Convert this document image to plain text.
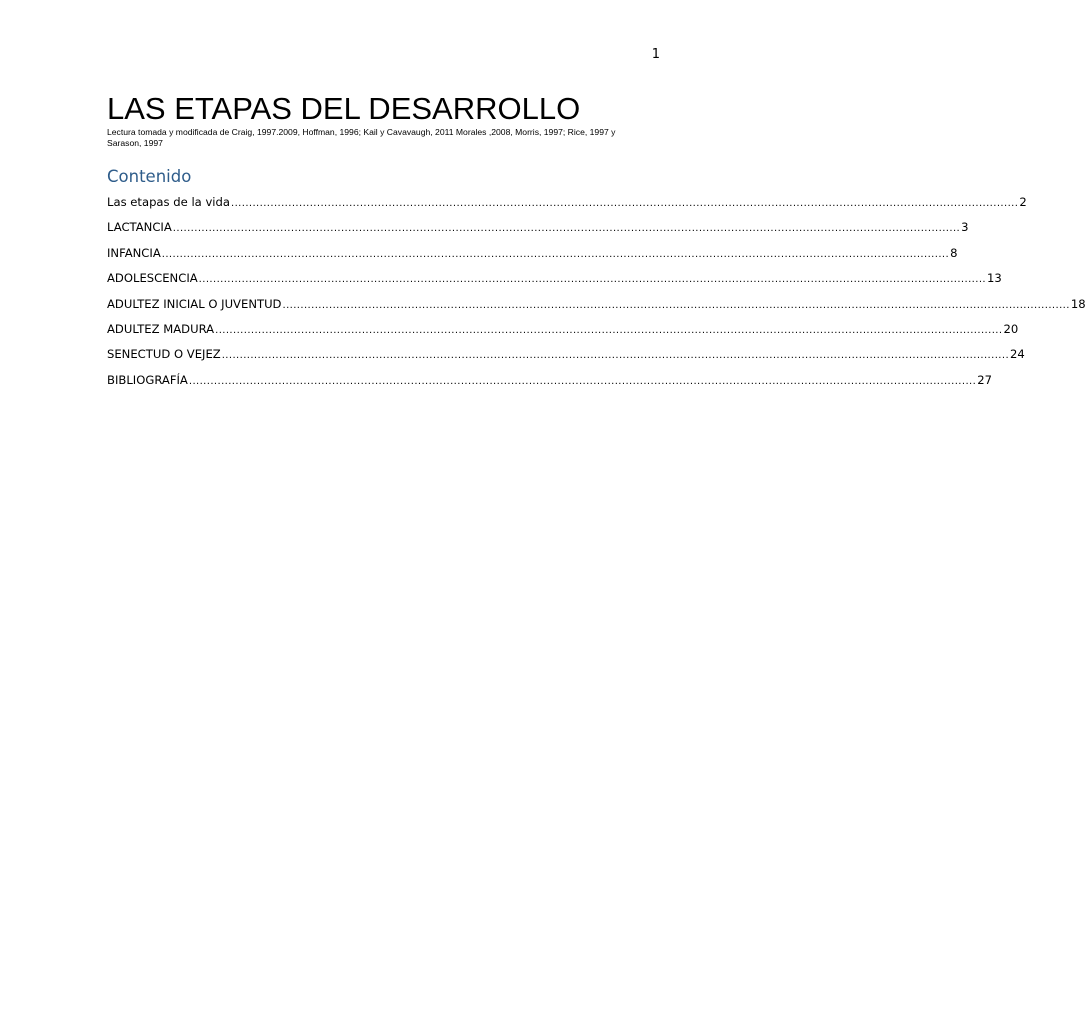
1
LAS ETAPAS DEL DESARROLLO

Lectura tomada y modificada de Craig, 1997.2009, Hoffman, 1996; Kail y Cavavaugh, 2011 Morales ,2008, Morris, 1997; Rice, 1997 y Sarason, 1997

Contenido
Las etapas de la vida ............................................................................................................................................................................................................................ 2
LACTANCIA ............................................................................................................................................................................................................................ 3
INFANCIA ............................................................................................................................................................................................................................ 8
ADOLESCENCIA ............................................................................................................................................................................................................................ 13
ADULTEZ INICIAL O JUVENTUD ............................................................................................................................................................................................................................ 18
ADULTEZ MADURA ............................................................................................................................................................................................................................ 20
SENECTUD O VEJEZ ............................................................................................................................................................................................................................ 24
BIBLIOGRAFÍA ............................................................................................................................................................................................................................ 27
